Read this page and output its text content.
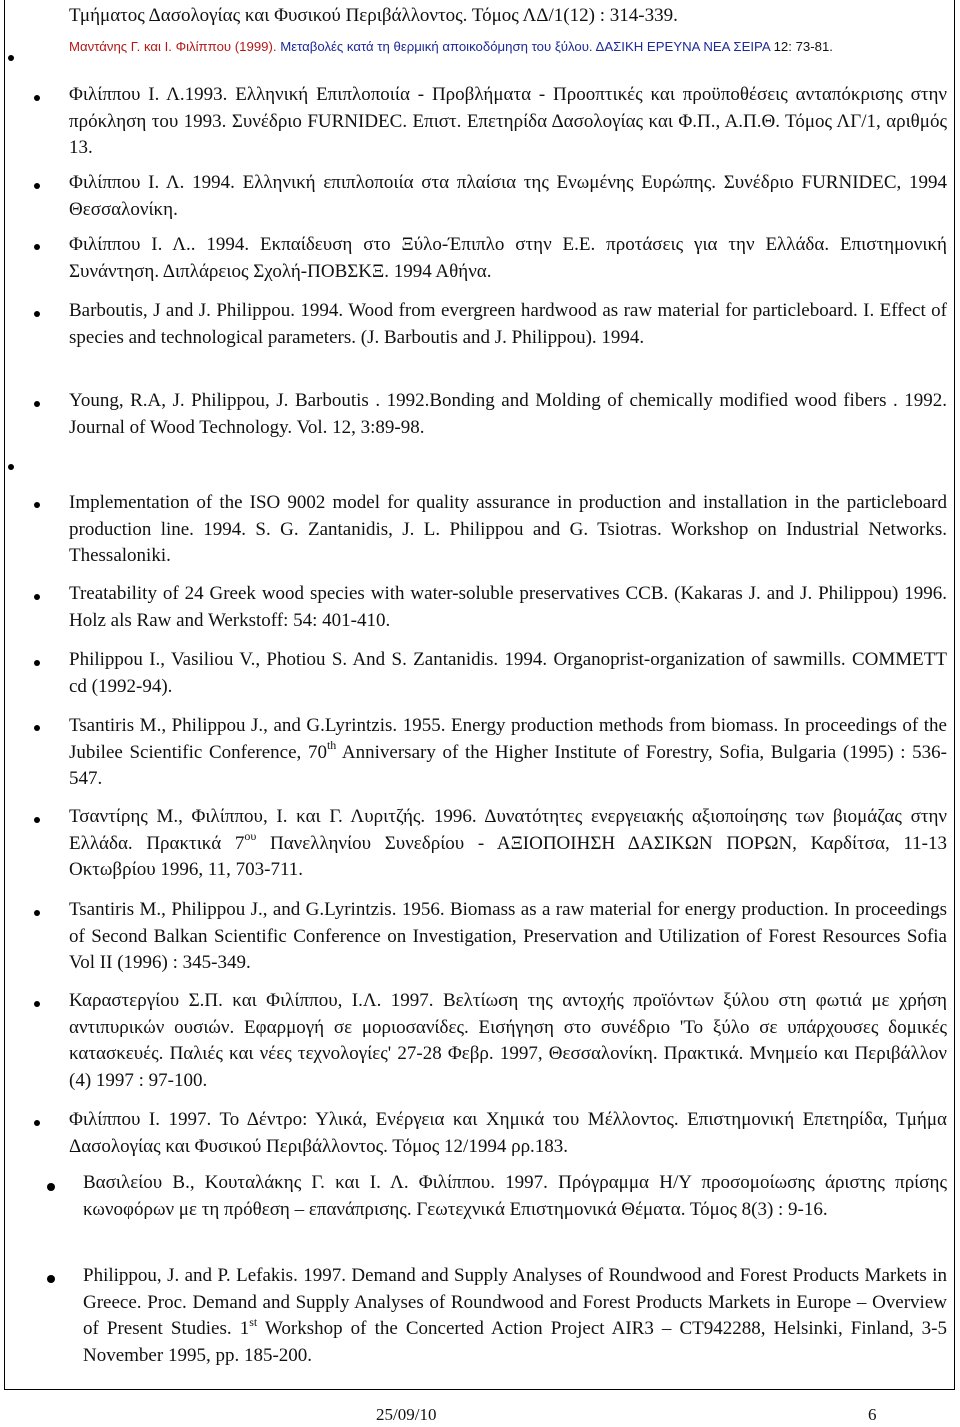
Τμήματος Δασολογίας και Φυσικού Περιβάλλοντος. Τόμος ΛΔ/1(12) : 314-339.

Μαντάνης Γ. και Ι. Φιλίππου (1999). Μεταβολές κατά τη θερμική αποικοδόμηση του ξύλου. ΔΑΣΙΚΗ ΕΡΕΥΝΑ ΝΕΑ ΣΕΙΡΑ 12: 73-81.

Φιλίππου Ι. Λ.1993. Ελληνική Επιπλοποιία - Προβλήματα - Προοπτικές και προϋποθέσεις ανταπόκρισης στην πρόκληση του 1993. Συνέδριο FURNIDEC. Επιστ. Επετηρίδα Δασολογίας και Φ.Π., Α.Π.Θ. Τόμος ΛΓ/1, αριθμός 13.

Φιλίππου Ι. Λ. 1994. Ελληνική επιπλοποιία στα πλαίσια της Ενωμένης Ευρώπης. Συνέδριο FURNIDEC, 1994 Θεσσαλονίκη.

Φιλίππου Ι. Λ.. 1994. Εκπαίδευση στο Ξύλο-Έπιπλο στην Ε.Ε. προτάσεις για την Ελλάδα. Επιστημονική Συνάντηση. Διπλάρειος Σχολή-ΠΟΒΣΚΞ. 1994 Αθήνα.

Barboutis, J and J. Philippou. 1994. Wood from evergreen hardwood as raw material for particleboard. I. Effect of species and technological parameters. (J. Barboutis and J. Philippou). 1994.

Young, R.A, J. Philippou, J. Barboutis . 1992.Bonding and Molding of chemically modified wood fibers . 1992. Journal of Wood Technology. Vol. 12, 3:89-98.

Implementation of the ISO 9002 model for quality assurance in production and installation in the particleboard production line. 1994. S. G. Zantanidis, J. L. Philippou and G. Tsiotras. Workshop on Industrial Networks. Thessaloniki.

Treatability of 24 Greek wood species with water-soluble preservatives CCB. (Kakaras J. and J. Philippou) 1996. Holz als Raw and Werkstoff: 54: 401-410.

Philippou I., Vasiliou V., Photiou S. And S. Zantanidis. 1994. Organoprist-organization of sawmills. COMMETT cd (1992-94).

Tsantiris M., Philippou J., and G.Lyrintzis. 1955. Energy production methods from biomass. In proceedings of the Jubilee Scientific Conference, 70th Anniversary of the Higher Institute of Forestry, Sofia, Bulgaria (1995) : 536-547.

Τσαντίρης Μ., Φιλίππου, Ι. και Γ. Λυριτζής. 1996. Δυνατότητες ενεργειακής αξιοποίησης των βιομάζας στην Ελλάδα. Πρακτικά $7^{o\upsilon}$ Πανελληνίου Συνεδρίου - ΑΞΙΟΠΟΙΗΣΗ ΔΑΣΙΚΩΝ ΠΟΡΩΝ, Καρδίτσα, 11-13 Οκτωβρίου 1996, 11, 703-711.

Tsantiris M., Philippou J., and G.Lyrintzis. 1956. Biomass as a raw material for energy production. In proceedings of Second Balkan Scientific Conference on Investigation, Preservation and Utilization of Forest Resources Sofia Vol II (1996) : 345-349.

Καραστεργίου Σ.Π. και Φιλίππου, Ι.Λ. 1997. Βελτίωση της αντοχής προϊόντων ξύλου στη φωτιά με χρήση αντιπυρικών ουσιών. Εφαρμογή σε μοριοσανίδες. Εισήγηση στο συνέδριο 'Το ξύλο σε υπάρχουσες δομικές κατασκευές. Παλιές και νέες τεχνολογίες' 27-28 Φεβρ. 1997, Θεσσαλονίκη. Πρακτικά. Μνημείο και Περιβάλλον (4) 1997 : 97-100.

Φιλίππου Ι. 1997. Το Δέντρο: Υλικά, Ενέργεια και Χημικά του Μέλλοντος. Επιστημονική Επετηρίδα, Τμήμα Δασολογίας και Φυσικού Περιβάλλοντος. Τόμος 12/1994 ρρ.183.

Βασιλείου Β., Κουταλάκης Γ. και Ι. Λ. Φιλίππου. 1997. Πρόγραμμα Η/Υ προσομοίωσης άριστης πρίσης κωνοφόρων με τη πρόθεση – επανάπρισης. Γεωτεχνικά Επιστημονικά Θέματα. Τόμος 8(3) : 9-16.

Philippou, J. and P. Lefakis. 1997. Demand and Supply Analyses of Roundwood and Forest Products Markets in Greece. Proc. Demand and Supply Analyses of Roundwood and Forest Products Markets in Europe – Overview of Present Studies. 1st Workshop of the Concerted Action Project AIR3 – CT942288, Helsinki, Finland, 3-5 November 1995, pp. 185-200.

25/09/10	6
